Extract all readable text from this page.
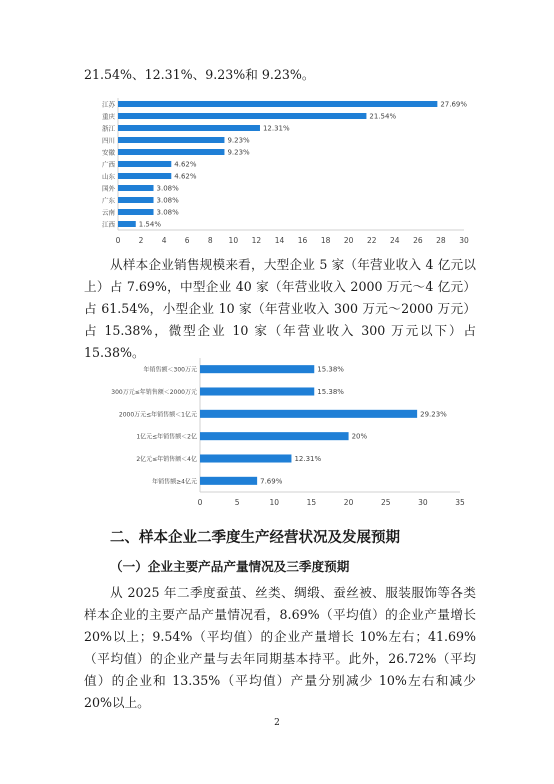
21.54%、12.31%、9.23%和 9.23%。

0 2 4 6 8 10 12 14 16 18 20 22 24 26 28 30
江苏	27.69%
重庆	21.54%
浙江	12.31%
四川	9.23%
安徽	9.23%
广西	4.62%
山东	4.62%
国外	3.08%
广东	3.08%
云南	3.08%
江西	1.54%

从样本企业销售规模来看，大型企业 5 家（年营业收入 4 亿元以上）占 7.69%，中型企业 40 家（年营业收入 2000 万元～4 亿元）占 61.54%，小型企业 10 家（年营业收入 300 万元～2000 万元）占 15.38%，微型企业 10 家（年营业收入 300 万元以下）占 15.38%。

0	5	10	15	20	25	30	35
年销售额＜300万元	15.38%
300万元≤年销售额＜2000万元	15.38%
2000万元≤年销售额＜1亿元	29.23%
1亿元≤年销售额＜2亿	20%
2亿元≤年销售额＜4亿	12.31%
年销售额≥4亿元	7.69%
二、样本企业二季度生产经营状况及发展预期
（一）企业主要产品产量情况及三季度预期

从 2025 年二季度蚕茧、丝类、绸缎、蚕丝被、服装服饰等各类样本企业的主要产品产量情况看，8.69%（平均值）的企业产量增长 20%以上；9.54%（平均值）的企业产量增长 10%左右；41.69%（平均值）的企业产量与去年同期基本持平。此外，26.72%（平均值）的企业和 13.35%（平均值）产量分别减少 10%左右和减少 20%以上。

2
